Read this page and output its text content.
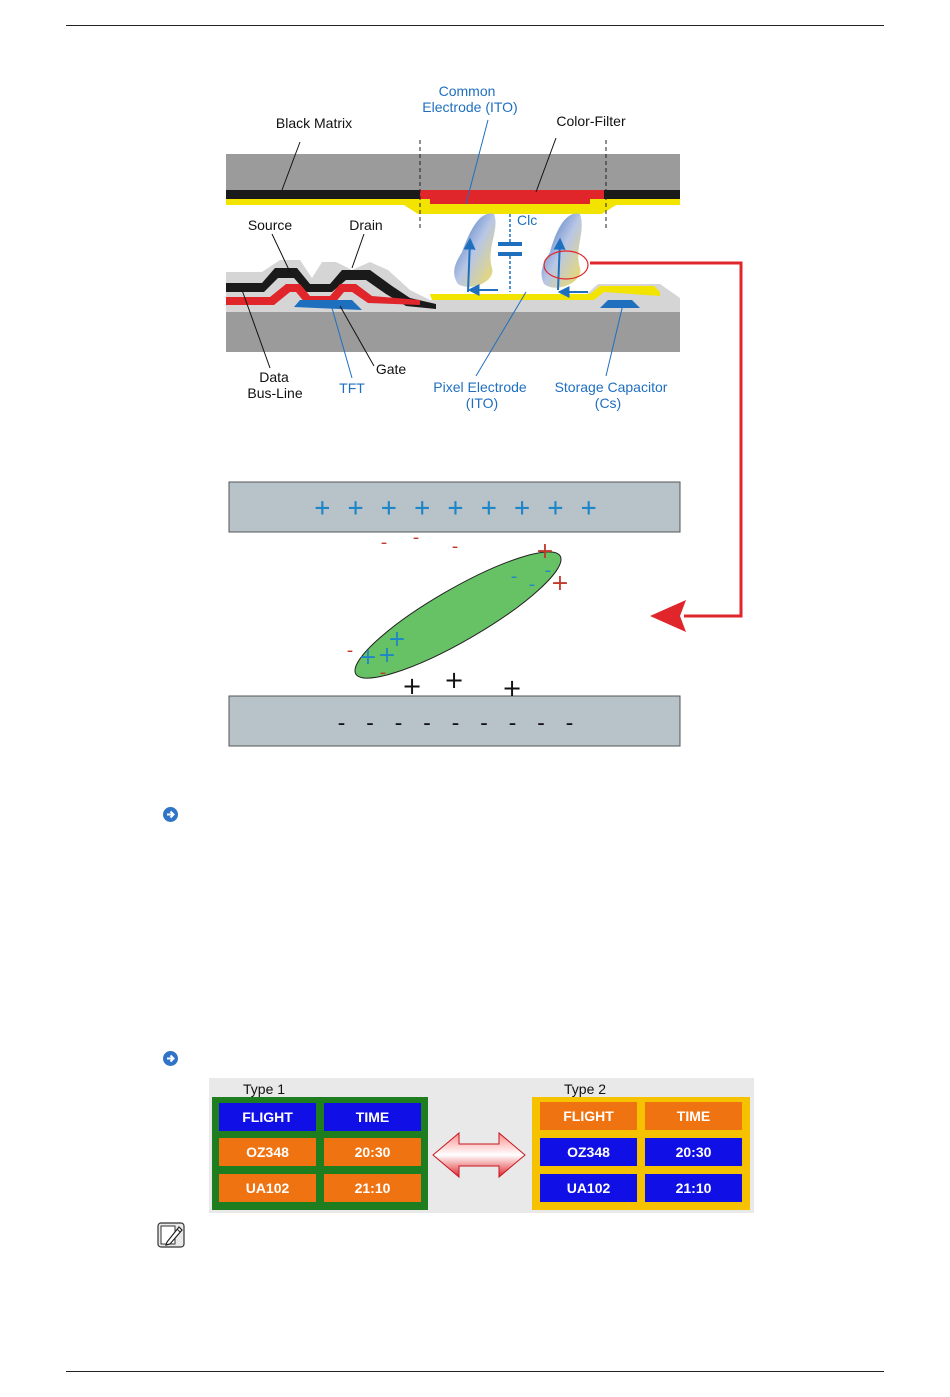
Black Matrix
Common
Electrode (ITO)
Color-Filter
Source	Drain	Clc
Data
Bus-Line
Gate
TFT	Pixel Electrode
(ITO)
Storage Capacitor
(Cs)
+ + + + + + + + +
- - - - - - - - -
- - -	+
+
- -
-
- + +
+
- + + +
Type 1	Type 2
FLIGHT	TIME
OZ348	20:30
UA102	21:10
FLIGHT	TIME
OZ348	20:30
UA102	21:10
